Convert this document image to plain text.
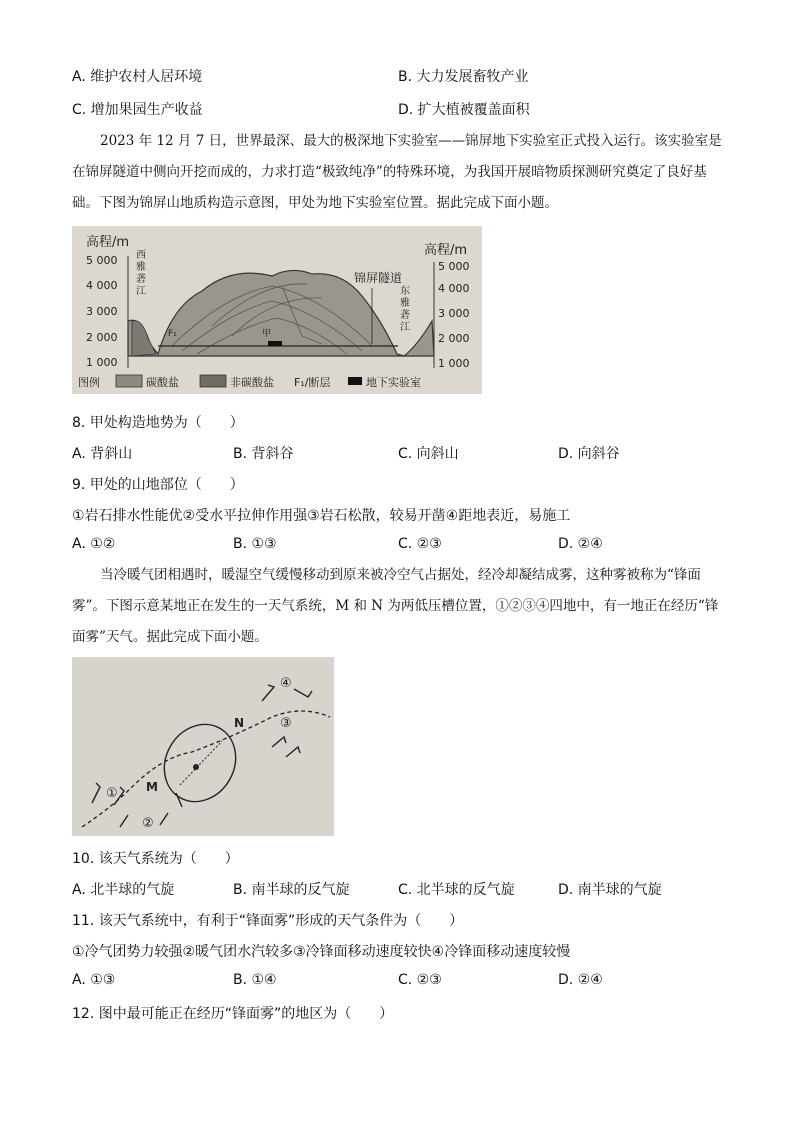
A. 维护农村人居环境	B. 大力发展畜牧产业
C. 增加果园生产收益	D. 扩大植被覆盖面积
2023 年 12 月 7 日，世界最深、最大的极深地下实验室——锦屏地下实验室正式投入运行。该实验室是在锦屏隧道中侧向开挖而成的，力求打造“极致纯净”的特殊环境，为我国开展暗物质探测研究奠定了良好基础。下图为锦屏山地质构造示意图，甲处为地下实验室位置。据此完成下面小题。
高程/m
高程/m
5 000
4 000
3 000
2 000
1 000
5 000
4 000
3 000
2 000
1 000
甲
F₁
西
雅
砻
江	东
雅
砻
江
锦屏隧道
图例	碳酸盐	非碳酸盐 F₁/断层	地下实验室
8. 甲处构造地势为（　　）
A. 背斜山	B. 背斜谷	C. 向斜山	D. 向斜谷
9. 甲处的山地部位（　　）
①岩石排水性能优②受水平拉伸作用强③岩石松散，较易开凿④距地表近，易施工
A. ①②	B. ①③	C. ②③	D. ②④
当冷暖气团相遇时，暖湿空气缓慢移动到原来被冷空气占据处，经冷却凝结成雾，这种雾被称为“锋面雾”。下图示意某地正在发生的一天气系统，M 和 N 为两低压槽位置，①②③④四地中，有一地正在经历“锋面雾”天气。据此完成下面小题。
M
N
④
③
①
②
10. 该天气系统为（　　）
A. 北半球的气旋	B. 南半球的反气旋	C. 北半球的反气旋	D. 南半球的气旋
11. 该天气系统中，有利于“锋面雾”形成的天气条件为（　　）
①冷气团势力较强②暖气团水汽较多③冷锋面移动速度较快④冷锋面移动速度较慢
A. ①③	B. ①④	C. ②③	D. ②④
12. 图中最可能正在经历“锋面雾”的地区为（　　）
